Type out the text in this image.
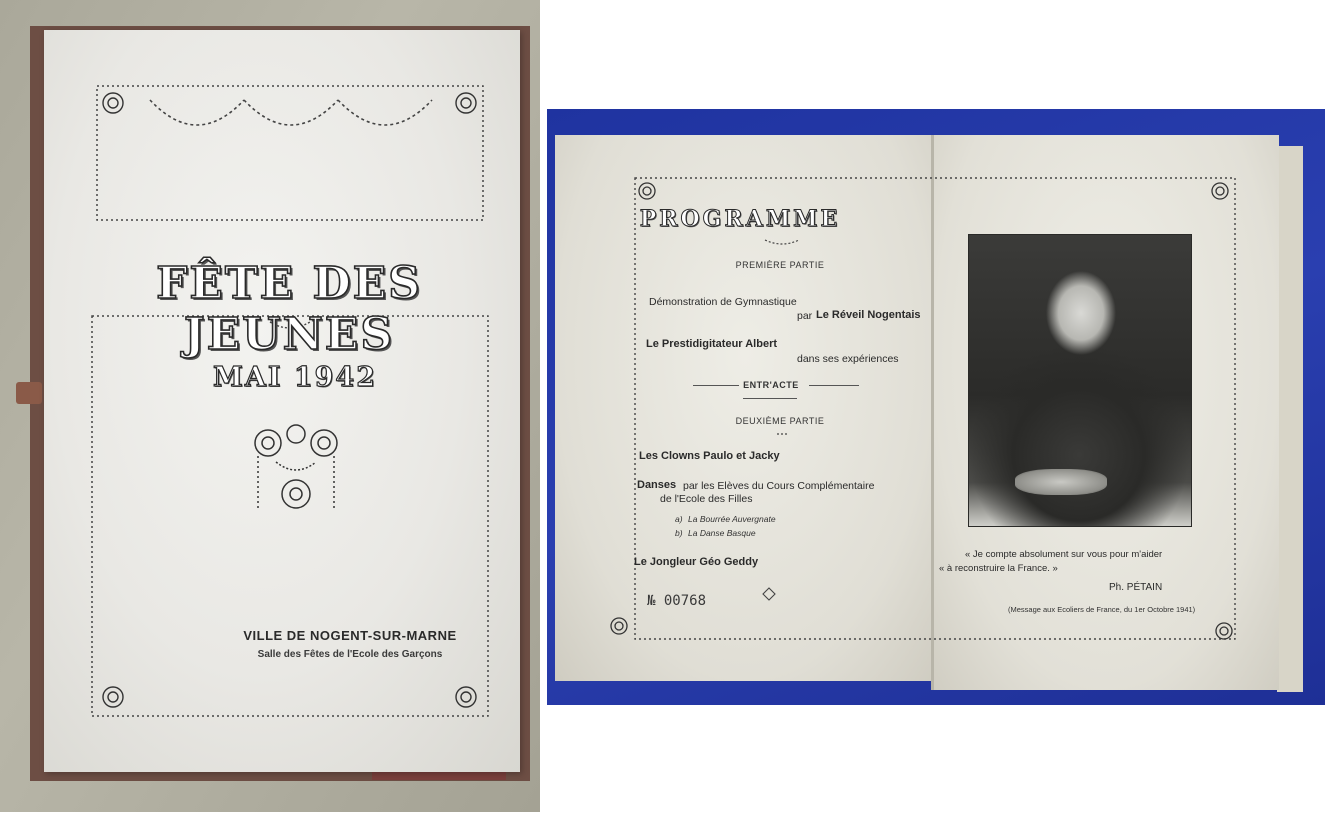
FÊTE DES JEUNES
MAI 1942
VILLE DE NOGENT-SUR-MARNE
Salle des Fêtes de l'Ecole des Garçons
PROGRAMME
PREMIÈRE PARTIE
Démonstration de Gymnastique
par Le Réveil Nogentais
Le Prestidigitateur Albert
dans ses expériences
ENTR'ACTE
DEUXIÈME PARTIE
Les Clowns Paulo et Jacky
Danses par les Elèves du Cours Complémentaire
de l'Ecole des Filles
a) La Bourrée Auvergnate
b) La Danse Basque
Le Jongleur Géo Geddy
№ 00768
« Je compte absolument sur vous pour m'aider
« à reconstruire la France. »
Ph. PÉTAIN
(Message aux Ecoliers de France, du 1er Octobre 1941)
